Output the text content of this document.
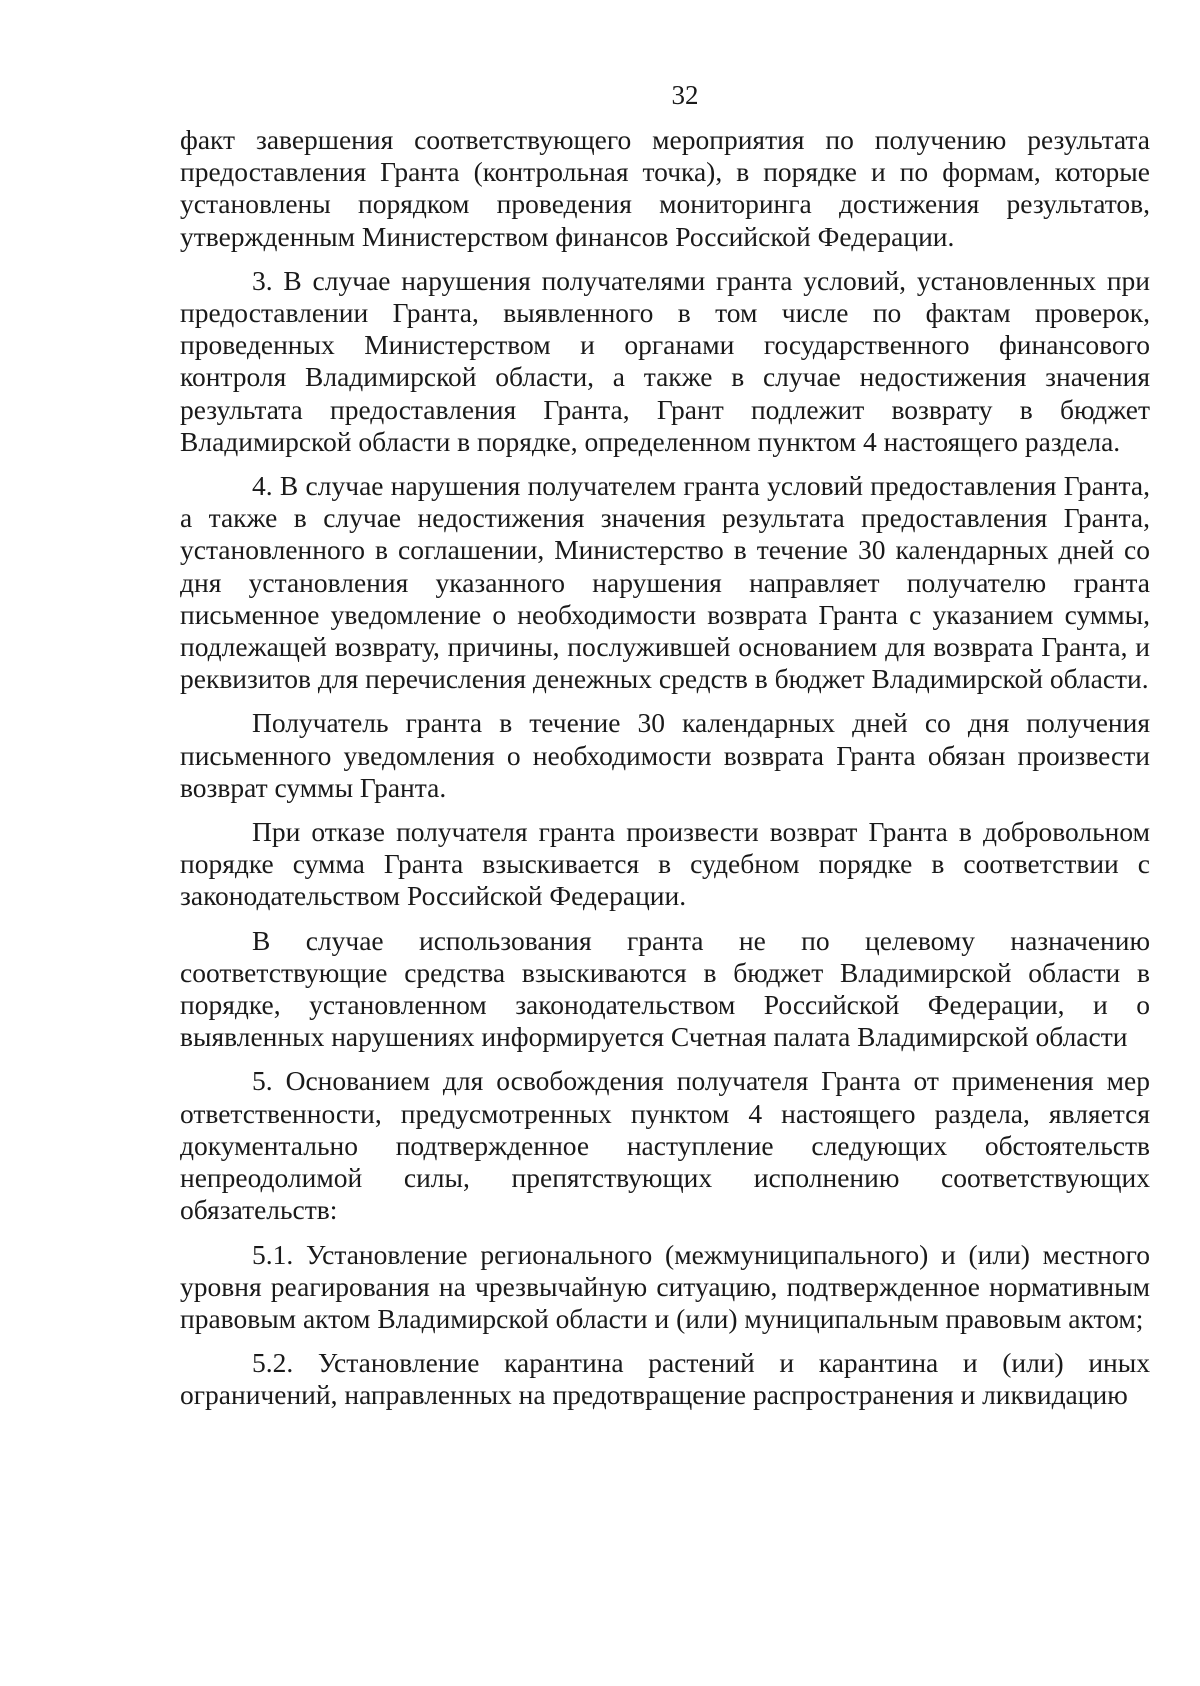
32

факт завершения соответствующего мероприятия по получению результата предоставления Гранта (контрольная точка), в порядке и по формам, которые установлены порядком проведения мониторинга достижения результатов, утвержденным Министерством финансов Российской Федерации.

3. В случае нарушения получателями гранта условий, установленных при предоставлении Гранта, выявленного в том числе по фактам проверок, проведенных Министерством и органами государственного финансового контроля Владимирской области, а также в случае недостижения значения результата предоставления Гранта, Грант подлежит возврату в бюджет Владимирской области в порядке, определенном пунктом 4 настоящего раздела.

4. В случае нарушения получателем гранта условий предоставления Гранта, а также в случае недостижения значения результата предоставления Гранта, установленного в соглашении, Министерство в течение 30 календарных дней со дня установления указанного нарушения направляет получателю гранта письменное уведомление о необходимости возврата Гранта с указанием суммы, подлежащей возврату, причины, послужившей основанием для возврата Гранта, и реквизитов для перечисления денежных средств в бюджет Владимирской области.

Получатель гранта в течение 30 календарных дней со дня получения письменного уведомления о необходимости возврата Гранта обязан произвести возврат суммы Гранта.

При отказе получателя гранта произвести возврат Гранта в добровольном порядке сумма Гранта взыскивается в судебном порядке в соответствии с законодательством Российской Федерации.

В случае использования гранта не по целевому назначению соответствующие средства взыскиваются в бюджет Владимирской области в порядке, установленном законодательством Российской Федерации, и о выявленных нарушениях информируется Счетная палата Владимирской области

5. Основанием для освобождения получателя Гранта от применения мер ответственности, предусмотренных пунктом 4 настоящего раздела, является документально подтвержденное наступление следующих обстоятельств непреодолимой силы, препятствующих исполнению соответствующих обязательств:

5.1. Установление регионального (межмуниципального) и (или) местного уровня реагирования на чрезвычайную ситуацию, подтвержденное нормативным правовым актом Владимирской области и (или) муниципальным правовым актом;

5.2. Установление карантина растений и карантина и (или) иных ограничений, направленных на предотвращение распространения и ликвидацию
